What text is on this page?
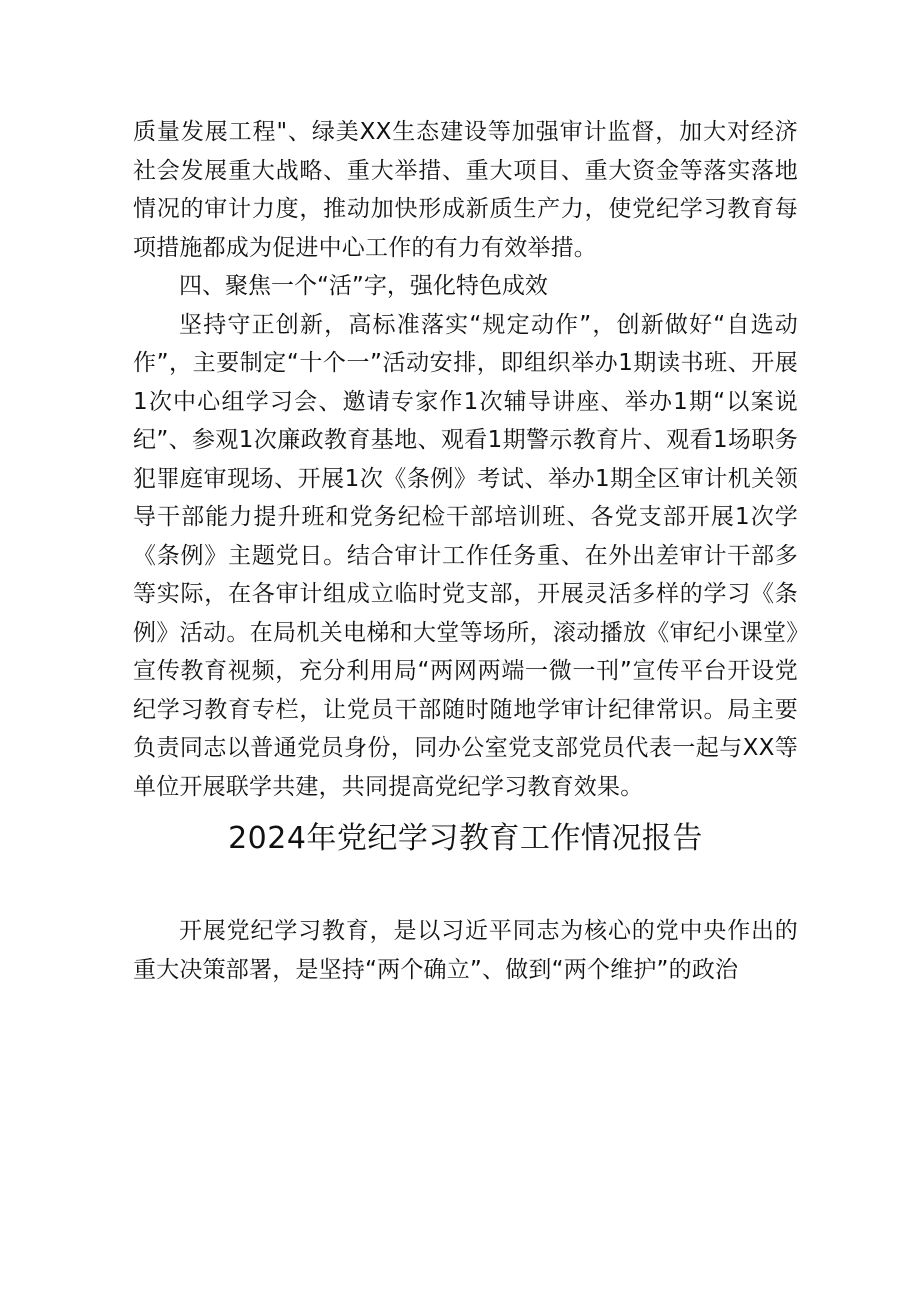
质量发展工程"、绿美XX生态建设等加强审计监督，加大对经济社会发展重大战略、重大举措、重大项目、重大资金等落实落地情况的审计力度，推动加快形成新质生产力，使党纪学习教育每项措施都成为促进中心工作的有力有效举措。

四、聚焦一个“活”字，强化特色成效

坚持守正创新，高标准落实“规定动作”，创新做好“自选动作”，主要制定“十个一”活动安排，即组织举办1期读书班、开展1次中心组学习会、邀请专家作1次辅导讲座、举办1期“以案说纪”、参观1次廉政教育基地、观看1期警示教育片、观看1场职务犯罪庭审现场、开展1次《条例》考试、举办1期全区审计机关领导干部能力提升班和党务纪检干部培训班、各党支部开展1次学《条例》主题党日。结合审计工作任务重、在外出差审计干部多等实际，在各审计组成立临时党支部，开展灵活多样的学习《条例》活动。在局机关电梯和大堂等场所，滚动播放《审纪小课堂》宣传教育视频，充分利用局“两网两端一微一刊”宣传平台开设党纪学习教育专栏，让党员干部随时随地学审计纪律常识。局主要负责同志以普通党员身份，同办公室党支部党员代表一起与XX等单位开展联学共建，共同提高党纪学习教育效果。

2024年党纪学习教育工作情况报告

开展党纪学习教育，是以习近平同志为核心的党中央作出的重大决策部署，是坚持“两个确立”、做到“两个维护”的政治
